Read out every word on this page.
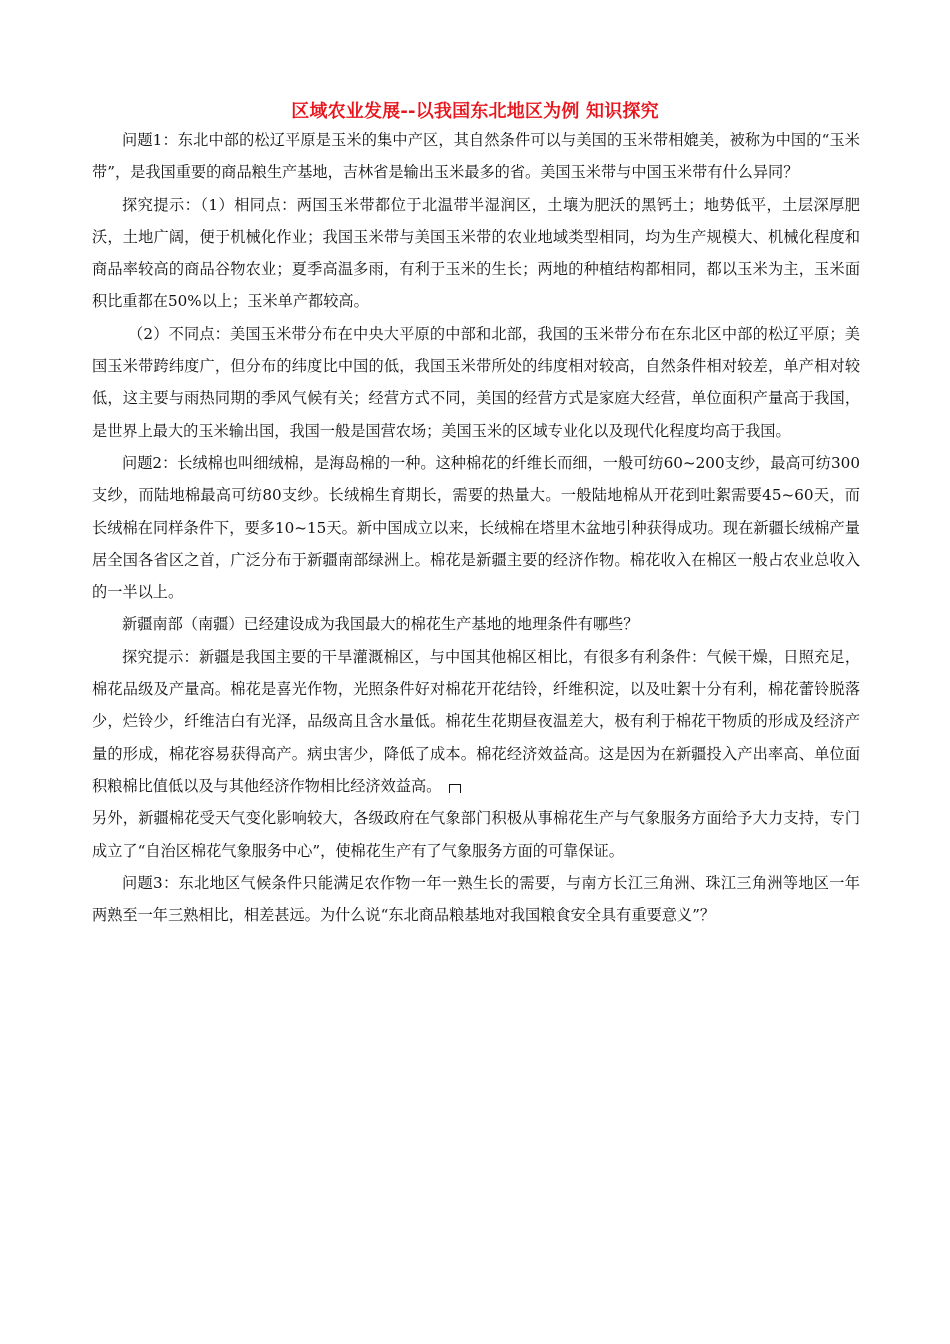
区域农业发展--以我国东北地区为例 知识探究

问题1：东北中部的松辽平原是玉米的集中产区，其自然条件可以与美国的玉米带相媲美，被称为中国的“玉米带”，是我国重要的商品粮生产基地，吉林省是输出玉米最多的省。美国玉米带与中国玉米带有什么异同？

探究提示：（1）相同点：两国玉米带都位于北温带半湿润区，土壤为肥沃的黑钙土；地势低平，土层深厚肥沃，土地广阔，便于机械化作业；我国玉米带与美国玉米带的农业地域类型相同，均为生产规模大、机械化程度和商品率较高的商品谷物农业；夏季高温多雨，有利于玉米的生长；两地的种植结构都相同，都以玉米为主，玉米面积比重都在50%以上；玉米单产都较高。

（2）不同点：美国玉米带分布在中央大平原的中部和北部，我国的玉米带分布在东北区中部的松辽平原；美国玉米带跨纬度广，但分布的纬度比中国的低，我国玉米带所处的纬度相对较高，自然条件相对较差，单产相对较低，这主要与雨热同期的季风气候有关；经营方式不同，美国的经营方式是家庭大经营，单位面积产量高于我国，是世界上最大的玉米输出国，我国一般是国营农场；美国玉米的区域专业化以及现代化程度均高于我国。

问题2：长绒棉也叫细绒棉，是海岛棉的一种。这种棉花的纤维长而细，一般可纺60~200支纱，最高可纺300支纱，而陆地棉最高可纺80支纱。长绒棉生育期长，需要的热量大。一般陆地棉从开花到吐絮需要45~60天，而长绒棉在同样条件下，要多10~15天。新中国成立以来，长绒棉在塔里木盆地引种获得成功。现在新疆长绒棉产量居全国各省区之首，广泛分布于新疆南部绿洲上。棉花是新疆主要的经济作物。棉花收入在棉区一般占农业总收入的一半以上。

新疆南部（南疆）已经建设成为我国最大的棉花生产基地的地理条件有哪些？

探究提示：新疆是我国主要的干旱灌溉棉区，与中国其他棉区相比，有很多有利条件：气候干燥，日照充足，棉花品级及产量高。棉花是喜光作物，光照条件好对棉花开花结铃，纤维积淀，以及吐絮十分有利，棉花蕾铃脱落少，烂铃少，纤维洁白有光泽，品级高且含水量低。棉花生花期昼夜温差大，极有利于棉花干物质的形成及经济产量的形成，棉花容易获得高产。病虫害少，降低了成本。棉花经济效益高。这是因为在新疆投入产出率高、单位面积粮棉比值低以及与其他经济作物相比经济效益高。

另外，新疆棉花受天气变化影响较大，各级政府在气象部门积极从事棉花生产与气象服务方面给予大力支持，专门成立了“自治区棉花气象服务中心”，使棉花生产有了气象服务方面的可靠保证。

问题3：东北地区气候条件只能满足农作物一年一熟生长的需要，与南方长江三角洲、珠江三角洲等地区一年两熟至一年三熟相比，相差甚远。为什么说“东北商品粮基地对我国粮食安全具有重要意义”？
